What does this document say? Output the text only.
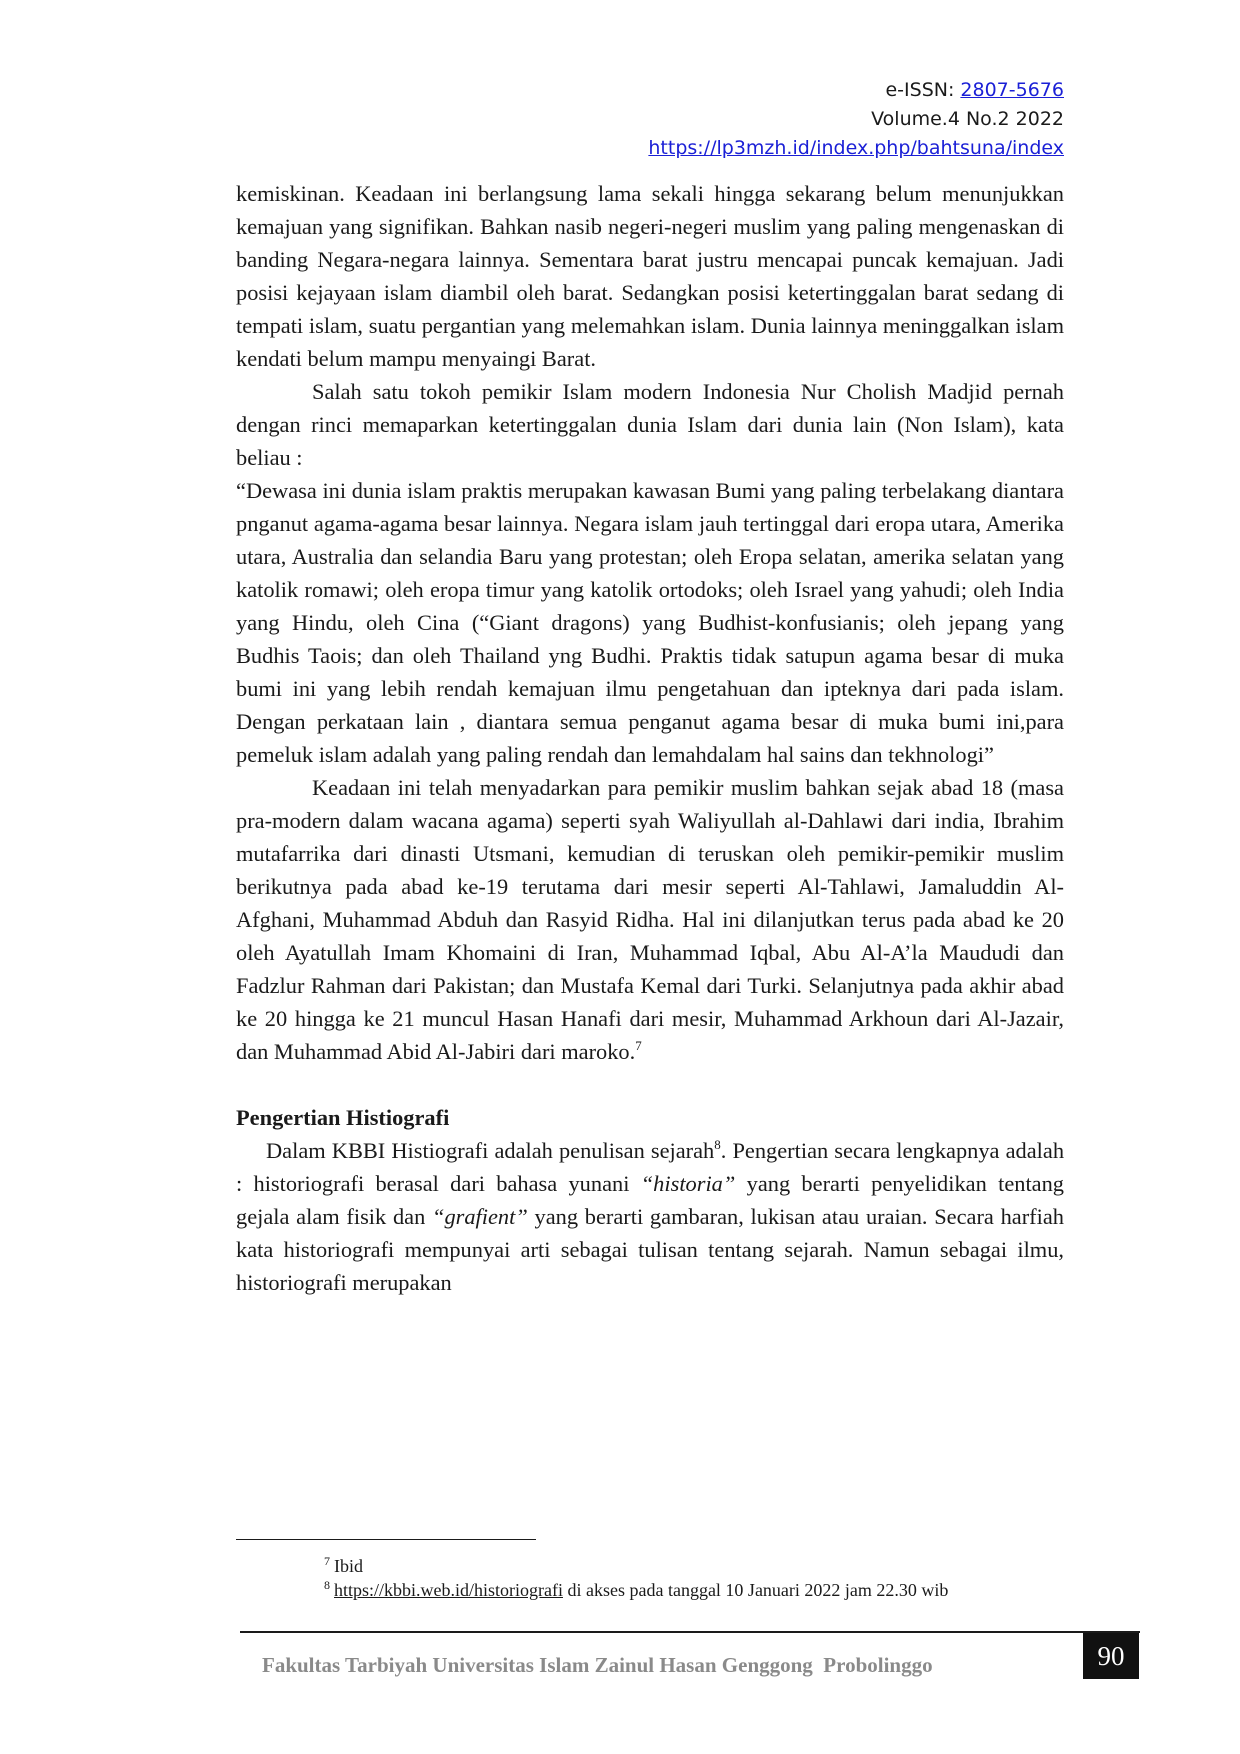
e-ISSN: 2807-5676
Volume.4 No.2 2022
https://lp3mzh.id/index.php/bahtsuna/index

kemiskinan. Keadaan ini berlangsung lama sekali hingga sekarang belum menunjukkan kemajuan yang signifikan. Bahkan nasib negeri-negeri muslim yang paling mengenaskan di banding Negara-negara lainnya. Sementara barat justru mencapai puncak kemajuan. Jadi posisi kejayaan islam diambil oleh barat. Sedangkan posisi ketertinggalan barat sedang di tempati islam, suatu pergantian yang melemahkan islam. Dunia lainnya meninggalkan islam kendati belum mampu menyaingi Barat.

Salah satu tokoh pemikir Islam modern Indonesia Nur Cholish Madjid pernah dengan rinci memaparkan ketertinggalan dunia Islam dari dunia lain (Non Islam), kata beliau :

“Dewasa ini dunia islam praktis merupakan kawasan Bumi yang paling terbelakang diantara pnganut agama-agama besar lainnya. Negara islam jauh tertinggal dari eropa utara, Amerika utara, Australia dan selandia Baru yang protestan; oleh Eropa selatan, amerika selatan yang katolik romawi; oleh eropa timur yang katolik ortodoks; oleh Israel yang yahudi; oleh India yang Hindu, oleh Cina (“Giant dragons) yang Budhist-konfusianis; oleh jepang yang Budhis Taois; dan oleh Thailand yng Budhi. Praktis tidak satupun agama besar di muka bumi ini yang lebih rendah kemajuan ilmu pengetahuan dan ipteknya dari pada islam. Dengan perkataan lain , diantara semua penganut agama besar di muka bumi ini,para pemeluk islam adalah yang paling rendah dan lemahdalam hal sains dan tekhnologi”

Keadaan ini telah menyadarkan para pemikir muslim bahkan sejak abad 18 (masa pra-modern dalam wacana agama) seperti syah Waliyullah al-Dahlawi dari india, Ibrahim mutafarrika dari dinasti Utsmani, kemudian di teruskan oleh pemikir-pemikir muslim berikutnya pada abad ke-19 terutama dari mesir seperti Al-Tahlawi, Jamaluddin Al- Afghani, Muhammad Abduh dan Rasyid Ridha. Hal ini dilanjutkan terus pada abad ke 20 oleh Ayatullah Imam Khomaini di Iran, Muhammad Iqbal, Abu Al-A’la Maududi dan Fadzlur Rahman dari Pakistan; dan Mustafa Kemal dari Turki. Selanjutnya pada akhir abad ke 20 hingga ke 21 muncul Hasan Hanafi dari mesir, Muhammad Arkhoun dari Al-Jazair, dan Muhammad Abid Al-Jabiri dari maroko.$^7$

Pengertian Histiografi

Dalam KBBI Histiografi adalah penulisan sejarah$^8$. Pengertian secara lengkapnya adalah : historiografi berasal dari bahasa yunani “historia” yang berarti penyelidikan tentang gejala alam fisik dan “grafient” yang berarti gambaran, lukisan atau uraian. Secara harfiah kata historiografi mempunyai arti sebagai tulisan tentang sejarah. Namun sebagai ilmu, historiografi merupakan

$^7$ Ibid

$^8$ https://kbbi.web.id/historiografi di akses pada tanggal 10 Januari 2022 jam 22.30 wib

Fakultas Tarbiyah Universitas Islam Zainul Hasan Genggong  Probolinggo	90
